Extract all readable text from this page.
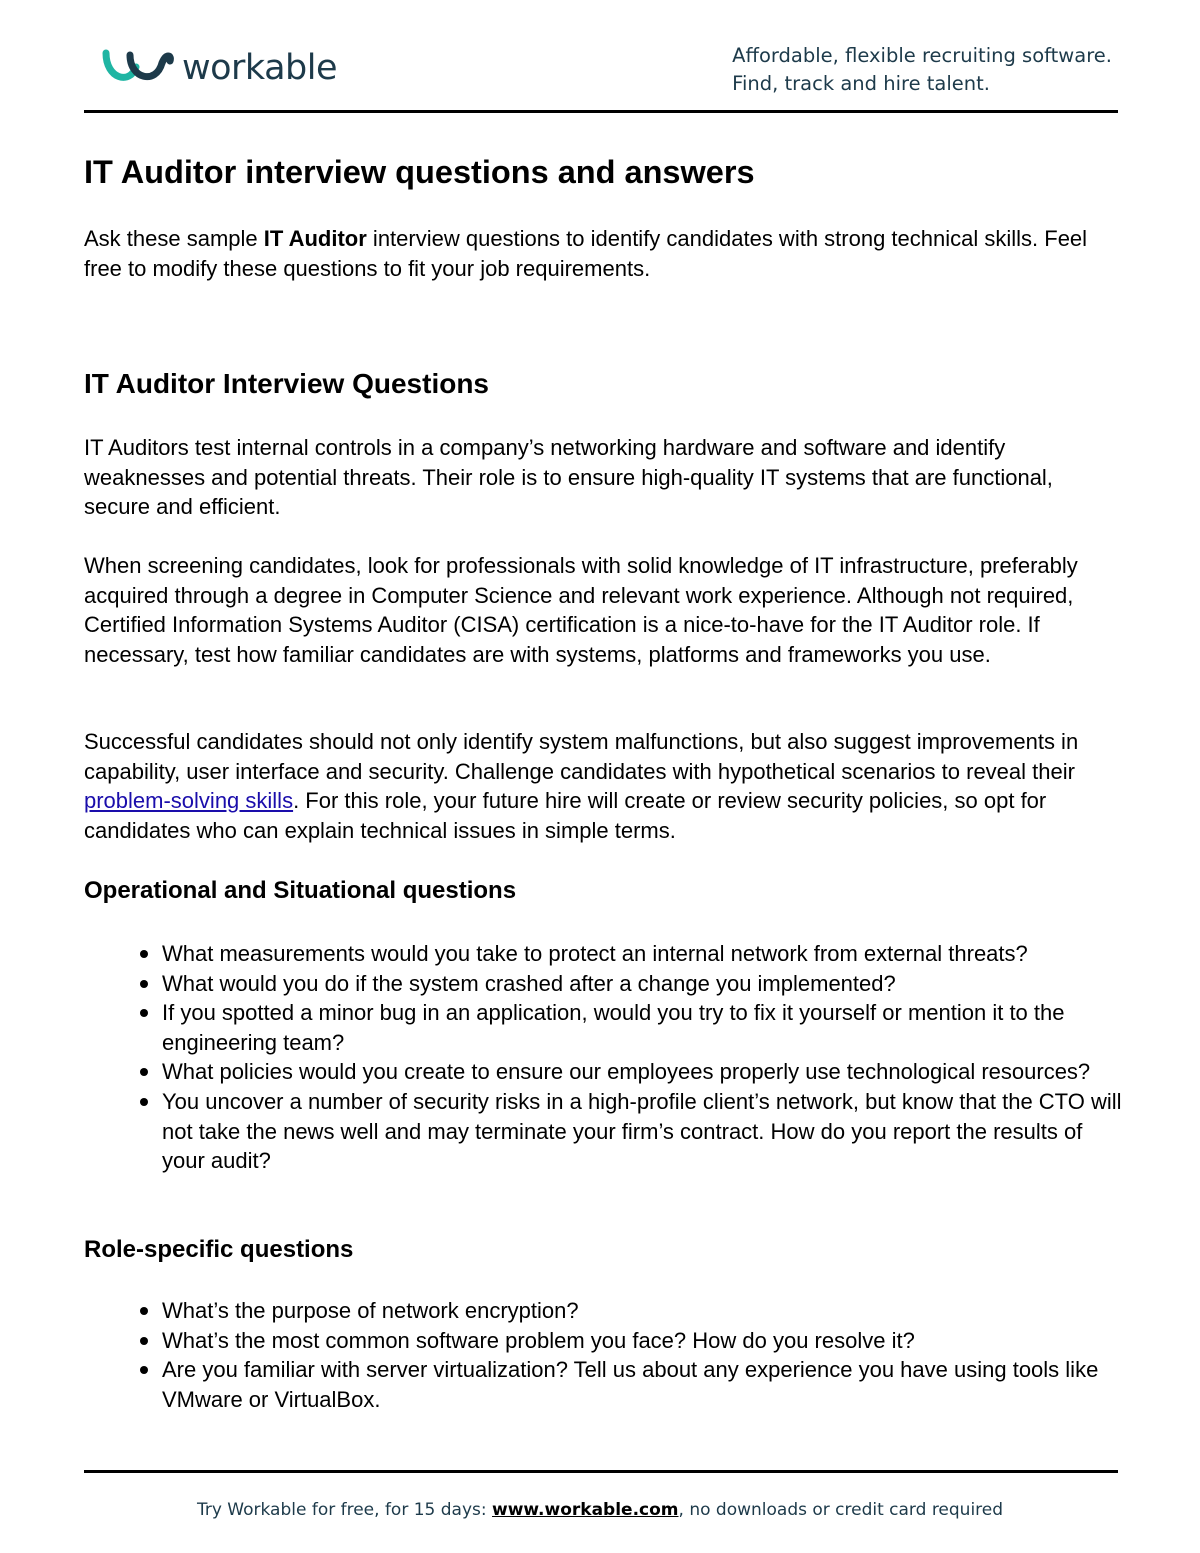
workable	Affordable, flexible recruiting software.
Find, track and hire talent.
IT Auditor interview questions and answers

Ask these sample IT Auditor interview questions to identify candidates with strong technical skills. Feel free to modify these questions to fit your job requirements.

IT Auditor Interview Questions

IT Auditors test internal controls in a company’s networking hardware and software and identify weaknesses and potential threats. Their role is to ensure high-quality IT systems that are functional, secure and efficient.

When screening candidates, look for professionals with solid knowledge of IT infrastructure, preferably acquired through a degree in Computer Science and relevant work experience. Although not required, Certified Information Systems Auditor (CISA) certification is a nice-to-have for the IT Auditor role. If necessary, test how familiar candidates are with systems, platforms and frameworks you use.

Successful candidates should not only identify system malfunctions, but also suggest improvements in capability, user interface and security. Challenge candidates with hypothetical scenarios to reveal their problem-solving skills. For this role, your future hire will create or review security policies, so opt for candidates who can explain technical issues in simple terms.

Operational and Situational questions
What measurements would you take to protect an internal network from external threats?
What would you do if the system crashed after a change you implemented?
If you spotted a minor bug in an application, would you try to fix it yourself or mention it to the engineering team?
What policies would you create to ensure our employees properly use technological resources?
You uncover a number of security risks in a high-profile client’s network, but know that the CTO will not take the news well and may terminate your firm’s contract. How do you report the results of your audit?
Role-specific questions
What’s the purpose of network encryption?
What’s the most common software problem you face? How do you resolve it?
Are you familiar with server virtualization? Tell us about any experience you have using tools like VMware or VirtualBox.
Try Workable for free, for 15 days: www.workable.com, no downloads or credit card required
